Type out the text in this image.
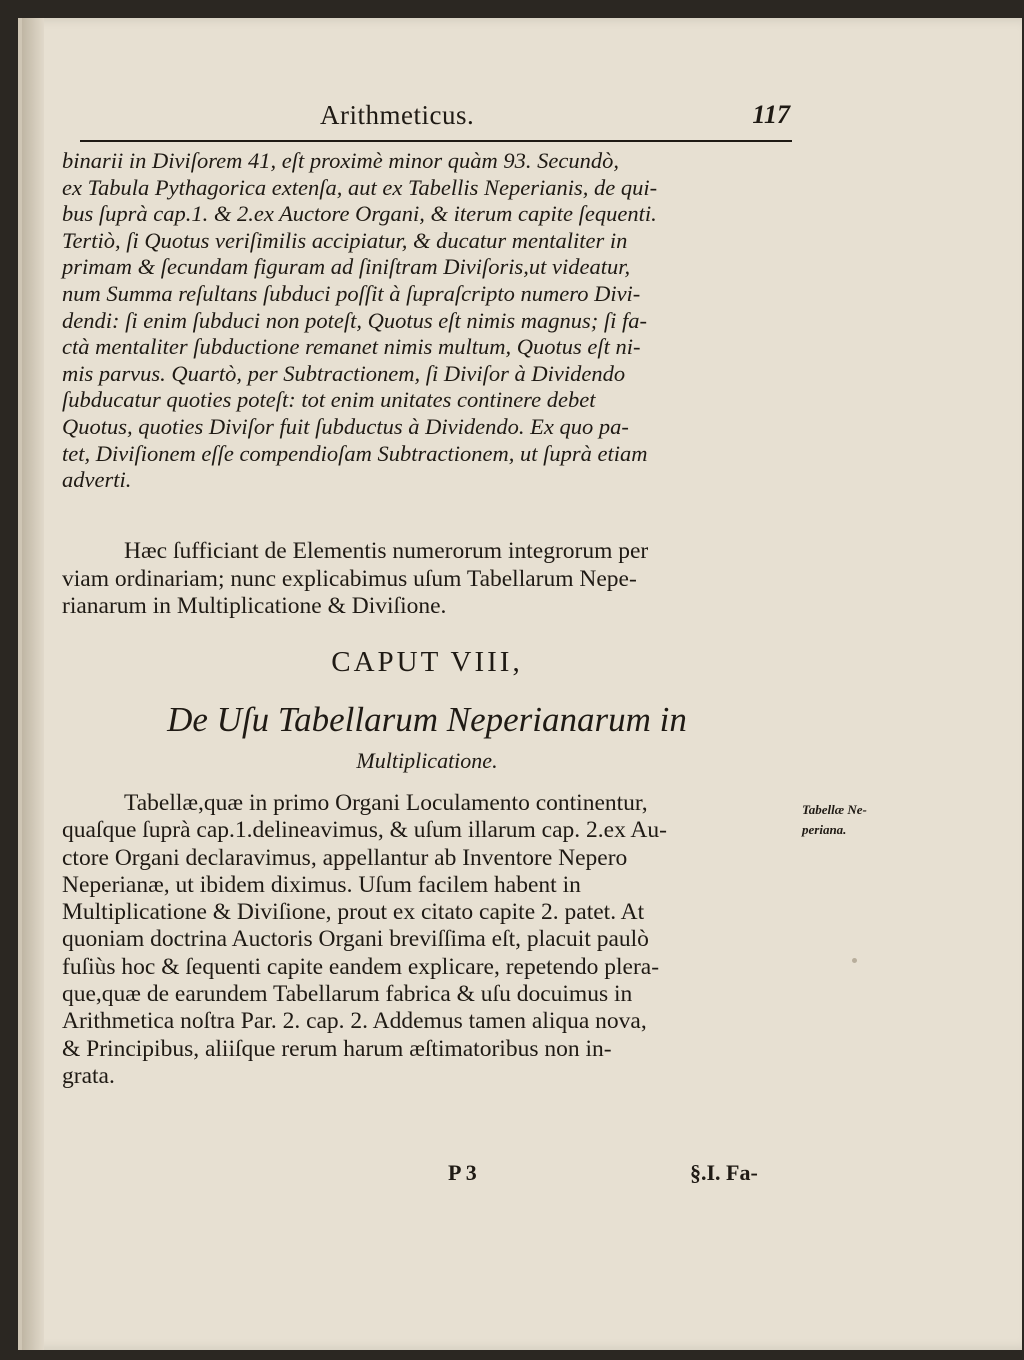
Arithmeticus.	117

binarii in Diviſorem 41, eſt proximè minor quàm 93. Secundò,

ex Tabula Pythagorica extenſa, aut ex Tabellis Neperianis, de qui-

bus ſuprà cap.1. & 2.ex Auctore Organi, & iterum capite ſequenti.

Tertiò, ſi Quotus veriſimilis accipiatur, & ducatur mentaliter in

primam & ſecundam figuram ad ſiniſtram Diviſoris,ut videatur,

num Summa reſultans ſubduci poſſit à ſupraſcripto numero Divi-

dendi: ſi enim ſubduci non poteſt, Quotus eſt nimis magnus; ſi fa-

ctà mentaliter ſubductione remanet nimis multum, Quotus eſt ni-

mis parvus. Quartò, per Subtractionem, ſi Diviſor à Dividendo

ſubducatur quoties poteſt: tot enim unitates continere debet

Quotus, quoties Diviſor fuit ſubductus à Dividendo. Ex quo pa-

tet, Diviſionem eſſe compendioſam Subtractionem, ut ſuprà etiam

adverti.

Hæc ſufficiant de Elementis numerorum integrorum per

viam ordinariam; nunc explicabimus uſum Tabellarum Nepe-

rianarum in Multiplicatione & Diviſione.

CAPUT VIII,
De Uſu Tabellarum Neperianarum in
Multiplicatione.

Tabellæ,quæ in primo Organi Loculamento continentur,

quaſque ſuprà cap.1.delineavimus, & uſum illarum cap. 2.ex Au-

ctore Organi declaravimus, appellantur ab Inventore Nepero

Neperianæ, ut ibidem diximus. Uſum facilem habent in

Multiplicatione & Diviſione, prout ex citato capite 2. patet. At

quoniam doctrina Auctoris Organi breviſſima eſt, placuit paulò

fuſiùs hoc & ſequenti capite eandem explicare, repetendo plera-

que,quæ de earundem Tabellarum fabrica & uſu docuimus in

Arithmetica noſtra Par. 2. cap. 2. Addemus tamen aliqua nova,

& Principibus, aliiſque rerum harum æſtimatoribus non in-

grata.

Tabellæ Ne-
periana.
P 3	§.I. Fa-
